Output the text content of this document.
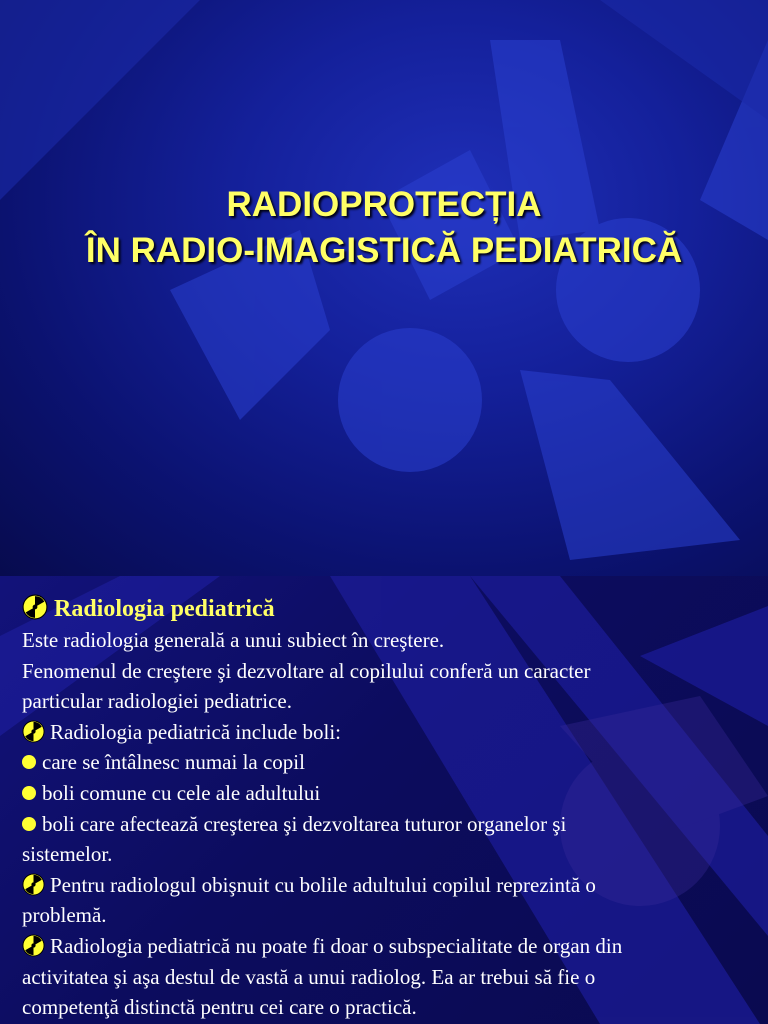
RADIOPROTECȚIA
ÎN RADIO-IMAGISTICĂ PEDIATRICĂ
Radiologia pediatrică
Este radiologia generală a unui subiect în creştere.
Fenomenul de creştere şi dezvoltare al copilului conferă un caracter
particular radiologiei pediatrice.
Radiologia pediatrică include boli:
care se întâlnesc numai la copil
boli comune cu cele ale adultului
boli care afectează creşterea şi dezvoltarea tuturor organelor şi
sistemelor.
Pentru radiologul obişnuit cu bolile adultului copilul reprezintă o
problemă.
Radiologia pediatrică nu poate fi doar o subspecialitate de organ din
activitatea şi aşa destul de vastă a unui radiolog. Ea ar trebui să fie o
competenţă distinctă pentru cei care o practică.
